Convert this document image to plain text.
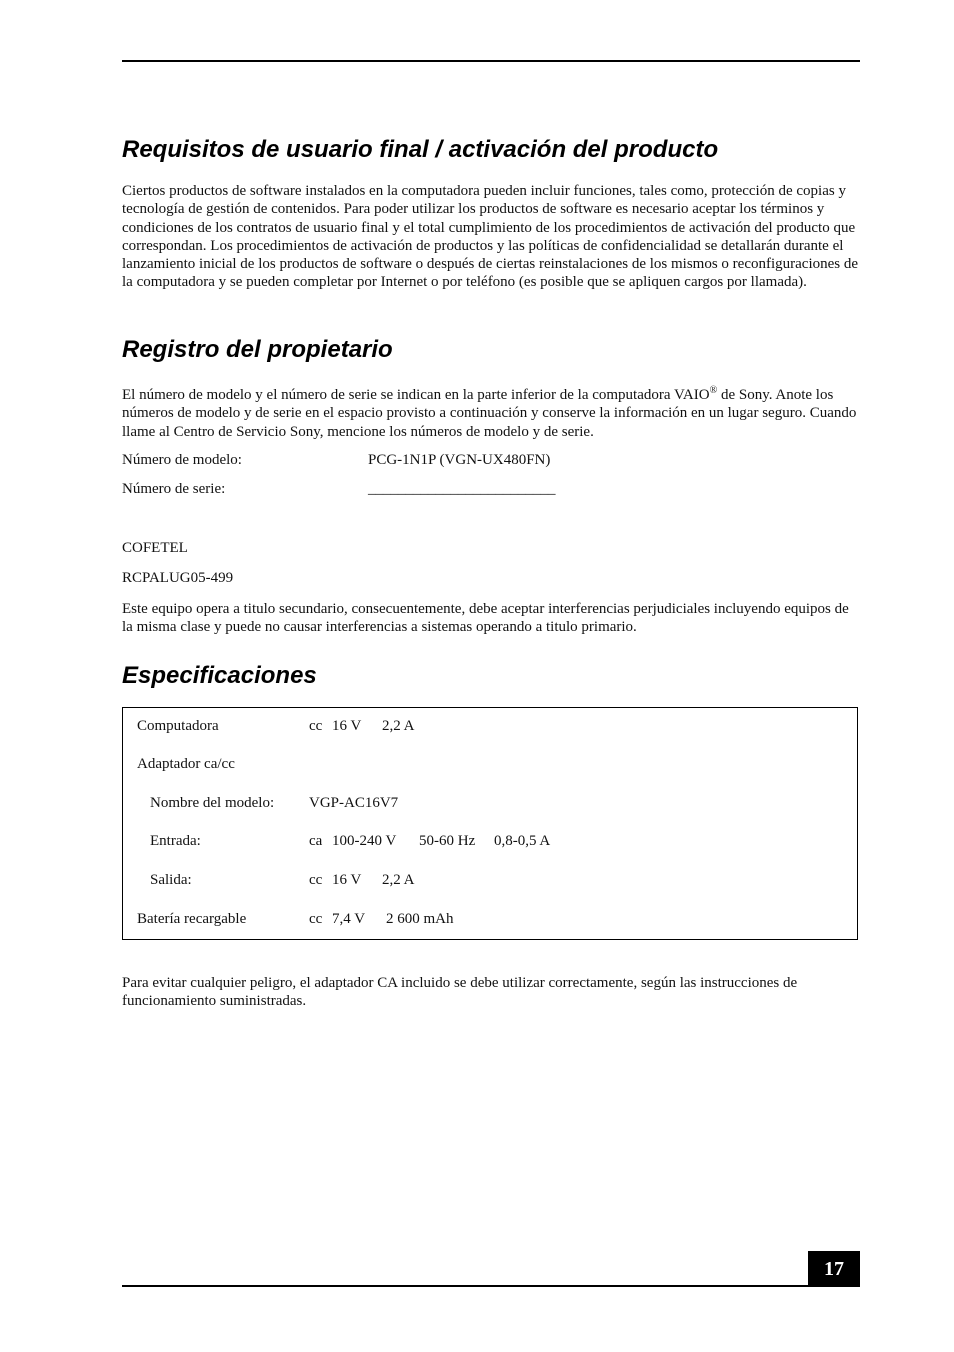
Requisitos de usuario final / activación del producto

Ciertos productos de software instalados en la computadora pueden incluir funciones, tales como, protección de copias y tecnología de gestión de contenidos. Para poder utilizar los productos de software es necesario aceptar los términos y condiciones de los contratos de usuario final y el total cumplimiento de los procedimientos de activación del producto que correspondan. Los procedimientos de activación de productos y las políticas de confidencialidad se detallarán durante el lanzamiento inicial de los productos de software o después de ciertas reinstalaciones de los mismos o reconfiguraciones de la computadora y se pueden completar por Internet o por teléfono (es posible que se apliquen cargos por llamada).

Registro del propietario

El número de modelo y el número de serie se indican en la parte inferior de la computadora VAIO® de Sony. Anote los números de modelo y de serie en el espacio provisto a continuación y conserve la información en un lugar seguro. Cuando llame al Centro de Servicio Sony, mencione los números de modelo y de serie.

Número de modelo:	PCG-1N1P (VGN-UX480FN)

Número de serie:	_________________________

COFETEL

RCPALUG05-499

Este equipo opera a titulo secundario, consecuentemente, debe aceptar interferencias perjudiciales incluyendo equipos de la misma clase y puede no causar interferencias a sistemas operando a titulo primario.

Especificaciones
Computadora	cc 16 V 2,2 A
Adaptador ca/cc
Nombre del modelo: VGP-AC16V7
Entrada:	ca 100-240 V 50-60 Hz 0,8-0,5 A
Salida:	cc 16 V 2,2 A
Batería recargable	cc 7,4 V 2 600 mAh

Para evitar cualquier peligro, el adaptador CA incluido se debe utilizar correctamente, según las instrucciones de funcionamiento suministradas.

17
